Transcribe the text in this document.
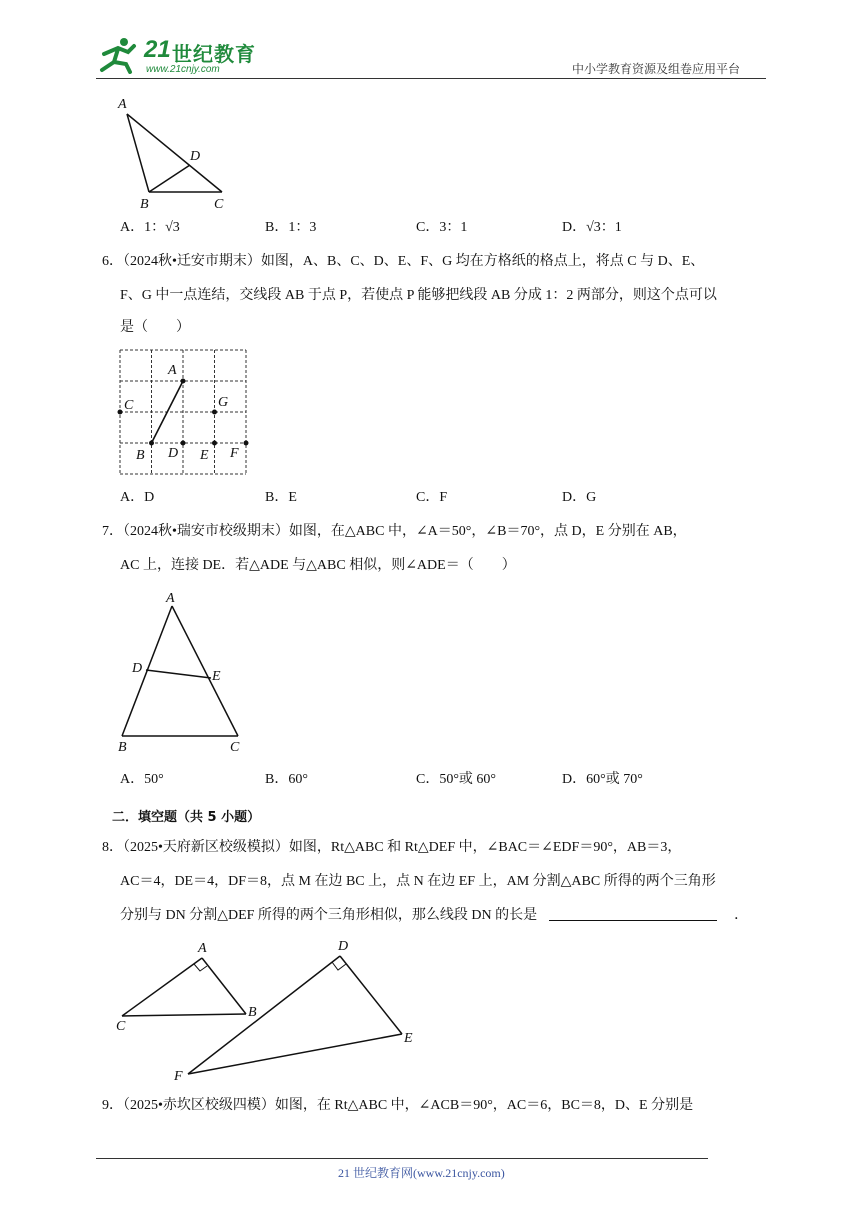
21 世纪教育
www.21cnjy.com	中小学教育资源及组卷应用平台
A
D
B	C
A．1：√3	B．1：3	C．3：1	D．√3：1
6．（2024秋•迁安市期末）如图，A、B、C、D、E、F、G 均在方格纸的格点上，将点 C 与 D、E、
F、G 中一点连结，交线段 AB 于点 P，若使点 P 能够把线段 AB 分成 1：2 两部分，则这个点可以
是（　　）
A
C	G
B D E F
A．D	B．E	C．F	D．G
7．（2024秋•瑞安市校级期末）如图，在△ABC 中，∠A＝50°，∠B＝70°，点 D，E 分别在 AB，
AC 上，连接 DE．若△ADE 与△ABC 相似，则∠ADE＝（　　）
A
D
E
B	C
A．50°	B．60°	C．50°或 60°	D．60°或 70°
二．填空题（共 5 小题）
8．（2025•天府新区校级模拟）如图，Rt△ABC 和 Rt△DEF 中，∠BAC＝∠EDF＝90°，AB＝3，
AC＝4，DE＝4，DF＝8，点 M 在边 BC 上，点 N 在边 EF 上，AM 分割△ABC 所得的两个三角形
分别与 DN 分割△DEF 所得的两个三角形相似，那么线段 DN 的长是	．
A
B
C
D
E
F
9．（2025•赤坎区校级四模）如图，在 Rt△ABC 中，∠ACB＝90°，AC＝6，BC＝8，D、E 分别是
21 世纪教育网(www.21cnjy.com)
